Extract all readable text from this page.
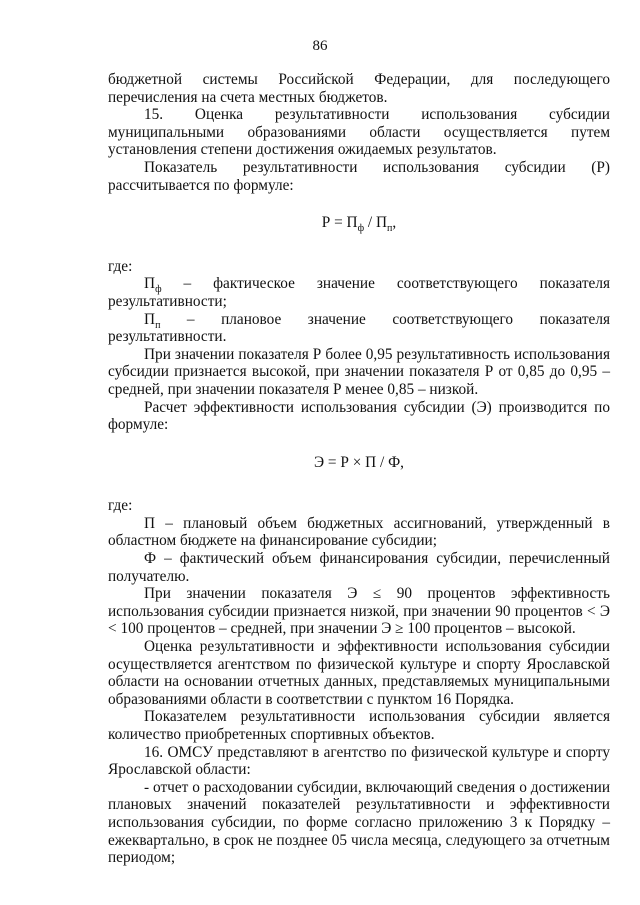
86

бюджетной системы Российской Федерации, для последующего перечисления на счета местных бюджетов.

15. Оценка результативности использования субсидии муниципальными образованиями области осуществляется путем установления степени достижения ожидаемых результатов.

Показатель результативности использования субсидии (Р) рассчитывается по формуле:

$Р = П_ф / П_п$,

где:

$П_ф$ – фактическое значение соответствующего показателя результативности;

$П_п$ – плановое значение соответствующего показателя результативности.

При значении показателя Р более 0,95 результативность использования субсидии признается высокой, при значении показателя Р от 0,85 до 0,95 – средней, при значении показателя Р менее 0,85 – низкой.

Расчет эффективности использования субсидии (Э) производится по формуле:

Э = Р × П / Ф,

где:

П – плановый объем бюджетных ассигнований, утвержденный в областном бюджете на финансирование субсидии;

Ф – фактический объем финансирования субсидии, перечисленный получателю.

При значении показателя Э ≤ 90 процентов эффективность использования субсидии признается низкой, при значении 90 процентов < Э < 100 процентов – средней, при значении Э ≥ 100 процентов – высокой.

Оценка результативности и эффективности использования субсидии осуществляется агентством по физической культуре и спорту Ярославской области на основании отчетных данных, представляемых муниципальными образованиями области в соответствии с пунктом 16 Порядка.

Показателем результативности использования субсидии является количество приобретенных спортивных объектов.

16. ОМСУ представляют в агентство по физической культуре и спорту Ярославской области:

- отчет о расходовании субсидии, включающий сведения о достижении плановых значений показателей результативности и эффективности использования субсидии, по форме согласно приложению 3 к Порядку – ежеквартально, в срок не позднее 05 числа месяца, следующего за отчетным периодом;
